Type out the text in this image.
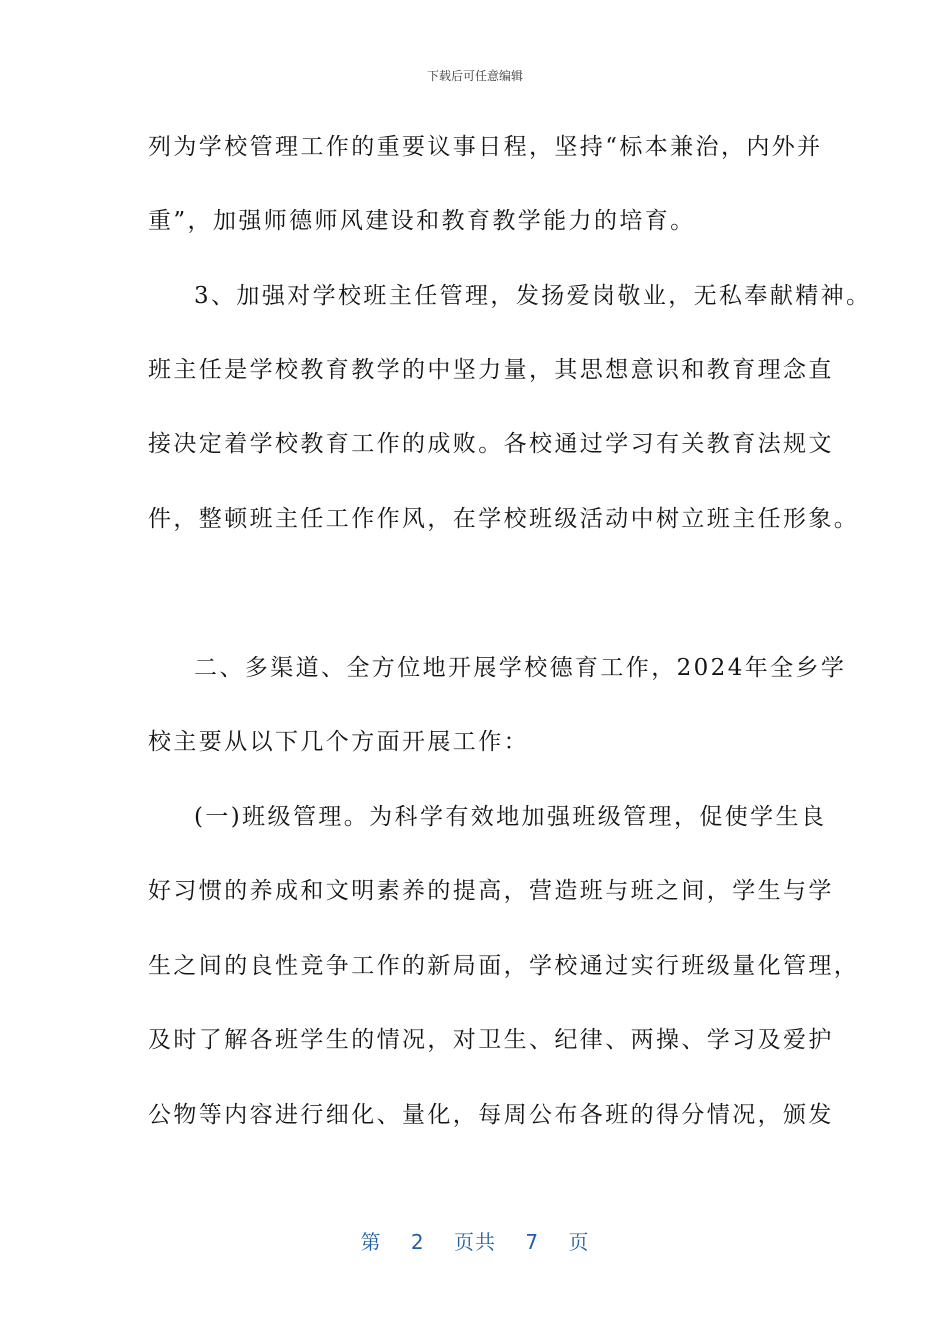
下载后可任意编辑
列为学校管理工作的重要议事日程，坚持“标本兼治，内外并
重”，加强师德师风建设和教育教学能力的培育。
3、加强对学校班主任管理，发扬爱岗敬业，无私奉献精神。
班主任是学校教育教学的中坚力量，其思想意识和教育理念直
接决定着学校教育工作的成败。各校通过学习有关教育法规文
件，整顿班主任工作作风，在学校班级活动中树立班主任形象。
二、多渠道、全方位地开展学校德育工作，2024年全乡学
校主要从以下几个方面开展工作：
(一)班级管理。为科学有效地加强班级管理，促使学生良
好习惯的养成和文明素养的提高，营造班与班之间，学生与学
生之间的良性竞争工作的新局面，学校通过实行班级量化管理，
及时了解各班学生的情况，对卫生、纪律、两操、学习及爱护
公物等内容进行细化、量化，每周公布各班的得分情况，颁发
第 2 页共 7 页
